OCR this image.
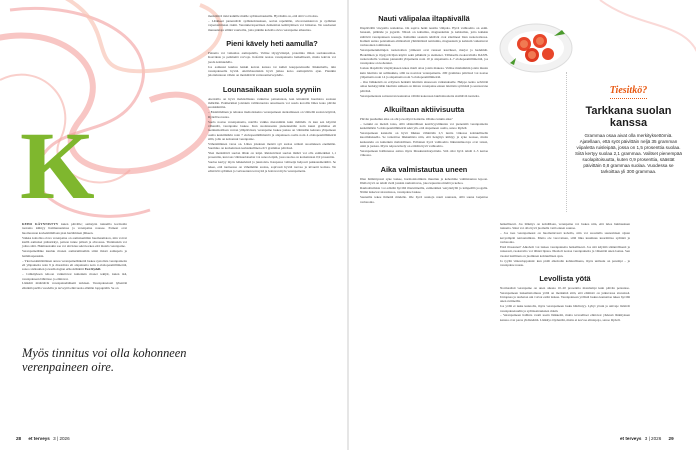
K

KEHO KÄYNNISTYY kuten päivälle; aamuyön tunneilla kortisolin tuotanto kiihtyy lisämunuaisissa ja verenpaine nousee. Paineet ovat huomaotaan korkeimmillaan pian heräämisen jälkeen.

Vaikka kohollaa olava verenpaine on aamuisemmin huomaamaton, niin voivat kiellä aamuiset päänsärkyt, painon tunne päässä ja ahvoassa. Tinnituskin voi joltua siitä. Huimaustakin saa voi ahvistua sekä korkea että matala verenpaine.

Verenpainelääke kuuluu monen aamurutiineihin siinä missä aamupala ja hammaspesukin.

– Yksi keskimääräinen annos verenpainelääkettä laskee systolista verenpainetta eli yläpainetta noin 9 ja diastolista eli alapainetta noin 4 elohopeamillimetriä, sanoo sisätautien ja kardiologian erikoislääkäri Essi Rydell.

– Lääkityksen tehoon vaikuttavat kuitenkin monet tekijät, kuten ikä, verenpaineen lähtötaso ja elintavat.

Lääkärit määräävät verenpainelääketti tarkisen. Verenpainetaati lyhentää elinikää parilla vuodella ja terveyttä elinvuosia elämän loppupäätä. Se on

Myös tinnitus voi olla kohonneen verenpaineen oire.

merkittävä riski kaikille muille sydänsairauksille. Hyvänäin on, että siitä voi hoitaa.

– Lääkkeet pienentävät sydänkohtauksen, aortan repeämän, aivoverenkierron ja sydämen vajaatoiminnan riskiä. Verenkiertoperäisen dementian kehittymisen voi hidastaa. Ne saadaanat munuaistaja silmiä vaurioilta, joita päkään koholla oleva verenpaine aiheuttaa.

Pieni kävely heti aamulla?

Painetta voi vaikuttaa aamupalalla. Valitse täysjyväleipä, proteiinia ilman suolakuormaa. Kasviksia ja pehmeitä ravvoja. Kofeiini nostaa verenpainetta hetkellisesti, mutta kahvia voi juoda kohtuudella.

Jos aamuusi kuuluu lenkki koiran kanssa tai kulkit kauppareissulle liikkumalla, niin verenpaineelle hyvää. Aktiivisuuttakin hyvä jatkaa koko aamupäivän ajan. Pienikin jalottelutauon välein on merkittäviä verisuoniterveydelle.

Lounasaikaan suola syyniin

Aterioilla on hyvä mahdollisuus vaikuttaa painetutaan, kun kiinnittää huomiota suolaan määrään. Esimerkiksi joistakin valmisruoista ansaitseeta voi saada koroilla lähes koko päivän suolakiintiön.

– Ensimmäinen ja tehokas itsehoitokeino verenpaineen alentamiseen on välttellä suolan käyttöä, Rydell korostaa.

Suola nostaa verenpainetta, natrilla vaikka merenmiän kuin mäimää. Ja kun sen käyttöä vähentää, verenpaine laskee. Kun suolansaanta pienennetään noin kuusi grammaa eli teenlusikollisen verran ylläpäivässä, verenpaine laskee jaskaa on vähintään keinana yläpaineen osalta keskimäärin noin 7 elohopeamillimetriä ja alapaineen osalta noin 4 elohopeamillimetriä sillä, jolla on kohonnut verenpaine.

Vähentäminen varaa on. Lähes jokainen meistä syö suolaa reilusti suosituksen enemmän. Suomiuo on korkeintaan teelusikallinen eli 5 grammaa päivässä.

Yksi merkittävä suolan lähde on leipä. Ruisleivässä suolan määrä voi olla esimerkiksi 1,1 prosenttia, kun taas vähäsuolaisebat voi sanoa leipää, jossa suolaa on korkeintaan 0,9 prosenttia.

Suolaa kertyy myös leikkeleistä ja juustoista. Kaupassa valitseija helposti pakkausmerkiltä. Se tekee, että tuotteessa on vähemmän suolaa, sopivasti hyvää ruovaa ja kivuetti kotissa. Ne edistävät sydämen ja verisuonien terveyttä ja hoitavat myös verenpainetta.

Nauti välipalaa iltapäivällä

Iltapäivällä vireystila notkahtaa. On sopiva hetki nauttia välipala. Hyvä vaihtoehto on esim. banaani, päähäde ja jogurtti. Niissä on kaliumia, magnesiumia ja kalsiumia, joita kaikkia säätävät verenpaineen nousuja. Kaliumin saannin tehtävät ovat sätelineet liian ruokavaliossa. Kalium auttaa poistamaan elimistöstä ylimääräistä natriumia, magnesium ja kalsium vaikuttavat verisuonten toimintaan.

Verenpainetutkittujen ruokavalion ytimessä ovat runsaat kasvikset, marjat ja hedelmät. Hedelmien ja täysjyväviljan käyttö sekä pähkinät ja siemenet. Tällaisella ruokavaliolla DASH-ruokavaliolla voidaan pienentää yläpainetta noin 10 ja alapainetta 4–7 elohopeamillimetriä, jos verenpaine on kohonnut.

Joskus iltapäivän väsymykseen tekee mieli ottaa jotain makeaa. Valitse mielummin jotain muuta kuin lakritsia tai salmiakkia, sillä ne nostavat verenpainetta. 200 grammaa päivässä voi nostaa yläpainetta noin 14 ja alapainetta noin 5 elohopeamillimetriä.

– Osa lääkkeistä on erityisen herkkiä lakritsin ainesosan vaikutukselle. Helppo keino selvittää omaa herkkyyttään lakritsin suhteen on mitata verenpaine ennen lakritsin syömistä ja seuraavana päivänä.

Verenpainetauta sairastavan kannattaa välttää kokonaan lakritsituotteita sisältäviä tuotteita.

Alkuiltaan aktiivisuutta

Päivän puuhailun aika on ohi ja kotityöt hoidettu. Olisiko lenkin aika?

– Lenkki on meistä iolea, sillä säännöllinen kestävyysliikunta voi pienentää verenpainetta keskimäärin 5 elohopeamillimetriä sekä ylä- että alapaineen osalta, sanoo Rydell.

Verenpaineen kannalta on hyvä liikkua vähintään 2,5 tuntia viikossa kohtuullisella kuormituksella. Se tarkoittaa liikkumista niin, että hengitys kiihtyy ja syke nousee, mutta keskustelu on kuitenkin mahdollinen. Erilainen hyvä vaihtoehto liikuntamuotoja ovat tanssi, uinti ja juoksu. Myös reipas kävely on erittäin hyvä vaihtoehto.

Verenpaineen hallinnassa auttaa myös lihaskuntoharjoittelu. Sitä olisi hyvä tehdä 2–3 kertaa viikossa.

Aika valmistautua uneen

Illan hämärtyessä syke laskee, hormonitoiminta muuttuu ja kehomme valmistautuu lepoon. Illalla hyvä on tehdä vielä jotakin rauhoittavaa, joka lepuuttaa mieltä ja kehoa.

Rauhoittumista voi edistää hyvillä iltarutiineilla, esimerkiksi venyttelyllä ja lempeällä joogalla. Nämä laskevat stressitasoa, verenpaine laskee.

Saunailta tekee ihmeitä mielelle. Ole hyvä saunoja nauti saunasta, sillä sauna laajentaa verisuonia.

hetkellisesti. Jos lääkitys on kohdillaan, verenpaine voi laskea niin, että tulee huimauksen tunnetta. Siksi voi olla hyvä juomalla vettä ennen saunaa.

– Jos taas verenpaineesi on huomattavasti koholla, niin voi suositella saunomisen sijaan kevyempää rentoutumista. Mutta ole varovainen, sillä liika kuumuus kuormittaa sydäntä ja verisuonia.

Entä iltasaunat? Alkoholi voi laskea verenpainetta hetkellisesti. Jos sitä käyttää säännöllisesti ja runsaasti, ruokavalio voi lähteä lipsua. Ilkoholi nostaa verenpainetta ja vähentää unen laatua. Sen vuoksi lasillinen on juominen kohtuullisen ajan.

Ja tyyliä viikonloppuisin: kun pidät alkoholin kohtuullisena, myös unilaatu on parempi – ja verenpaine nousu.

Levollista yötä

Normaalisti verenpaine on unen aikana 10–20 prosenttia matalampi kuin päivän persutaso. Verenpaineen laskemattomuus yöllä on merkkinä siitä, että elimistö on jatkuvassa stressissä. Uniapnea ja rauhaton uni voivat estää laskua. Verenpaineen yöllistä laskua kannattaa tukea hyvillä unen rutiineilla.

Jos yöllä et nuku kunnolla, myös verenpaineen lasku häiriintyy. Lyhyt yöuni ja univaje lisäävät verenpainetaudin ja sydänsairauksien riskiä.

– Verenpaineen hallinta vaatii usein lääkkeitä, mutta terveelliset elintavat yhdessä lääkityksen kanssa ovat paras yhdistelmä. Lääkitys täydentää, mutta ei korvaa elintapoja, sanoo Rydell.

Tiesitkö?
Tarkkana suolan kanssa
Grammaa osaa aivat olla merkityksettömiä. Ajatellaan, että syöt päivittäin neljä 35 gramman viipaletta ruisleipää, jossa on 1,5 prosenttia suolaa. Siitä kertyy suolaa 2,1 grammaa. Valitset pienempää suolapitoisuutta, kuten 0,9 prosenttia, säästät päivittäin 0,8 grammaa suolaa. Vuodessa se tarkoittaa yli 300 grammaa.
28 et terveys 3 | 2026	et terveys 3 | 2026 29
